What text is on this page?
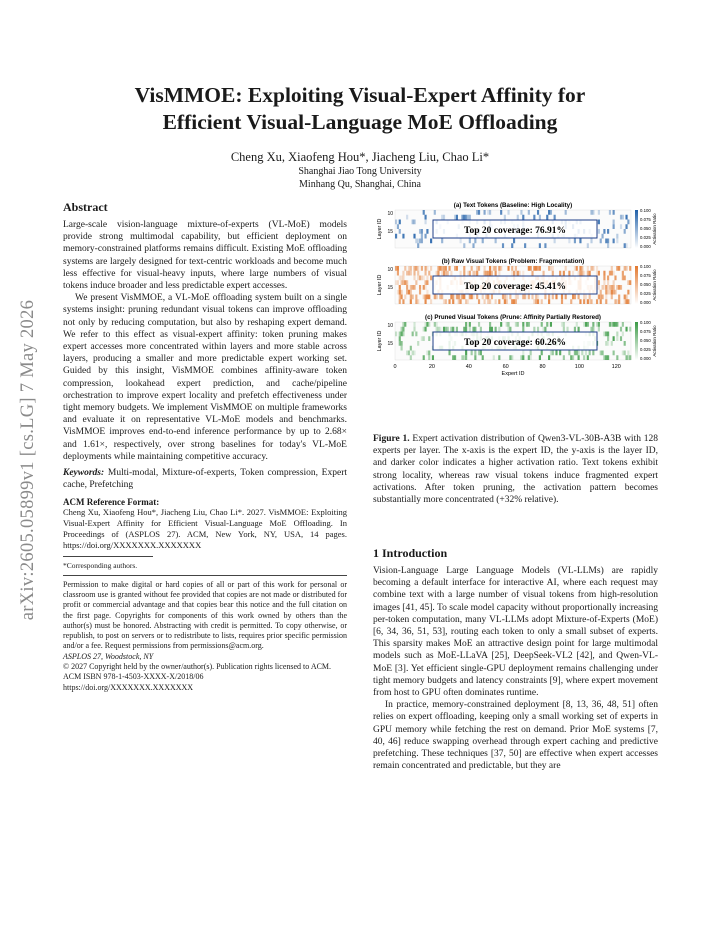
arXiv:2605.05899v1 [cs.LG] 7 May 2026
VisMMOE: Exploiting Visual-Expert Affinity for
Efficient Visual-Language MoE Offloading
Cheng Xu, Xiaofeng Hou*, Jiacheng Liu, Chao Li*
Shanghai Jiao Tong University
Minhang Qu, Shanghai, China
Abstract

Large-scale vision-language mixture-of-experts (VL-MoE) models provide strong multimodal capability, but efficient deployment on memory-constrained platforms remains difficult. Existing MoE offloading systems are largely designed for text-centric workloads and become much less effective for visual-heavy inputs, where large numbers of visual tokens induce broader and less predictable expert accesses.

We present VisMMOE, a VL-MoE offloading system built on a single systems insight: pruning redundant visual tokens can improve offloading not only by reducing computation, but also by reshaping expert demand. We refer to this effect as visual-expert affinity: token pruning makes expert accesses more concentrated within layers and more stable across layers, producing a smaller and more predictable expert working set. Guided by this insight, VisMMOE combines affinity-aware token compression, lookahead expert prediction, and cache/pipeline orchestration to improve expert locality and prefetch effectiveness under tight memory budgets. We implement VisMMOE on multiple frameworks and evaluate it on representative VL-MoE models and benchmarks. VisMMOE improves end-to-end inference performance by up to 2.68× and 1.61×, respectively, over strong baselines for today's VL-MoE deployments while maintaining competitive accuracy.

Keywords: Multi-modal, Mixture-of-experts, Token compression, Expert cache, Prefetching

ACM Reference Format:

Cheng Xu, Xiaofeng Hou*, Jiacheng Liu, Chao Li*. 2027. VisMMOE: Exploiting Visual-Expert Affinity for Efficient Visual-Language MoE Offloading. In Proceedings of (ASPLOS 27). ACM, New York, NY, USA, 14 pages. https://doi.org/XXXXXXX.XXXXXXX

*Corresponding authors.

Permission to make digital or hard copies of all or part of this work for personal or classroom use is granted without fee provided that copies are not made or distributed for profit or commercial advantage and that copies bear this notice and the full citation on the first page. Copyrights for components of this work owned by others than the author(s) must be honored. Abstracting with credit is permitted. To copy otherwise, or republish, to post on servers or to redistribute to lists, requires prior specific permission and/or a fee. Request permissions from permissions@acm.org.

ASPLOS 27, Woodstock, NY

© 2027 Copyright held by the owner/author(s). Publication rights licensed to ACM.

ACM ISBN 978-1-4503-XXXX-X/2018/06

https://doi.org/XXXXXXX.XXXXXXX

(a) Text Tokens (Baseline: High Locality)
Top 20 coverage: 76.91%
Layer ID
10
15
0.100
0.075
0.050
0.025
0.000
Activation Ratio
(b) Raw Visual Tokens (Problem: Fragmentation)
Top 20 coverage: 45.41%
Layer ID
10
15
0.100
0.075
0.050
0.025
0.000
Activation Ratio
(c) Pruned Visual Tokens (Prune: Affinity Partially Restored)
Top 20 coverage: 60.26%
Layer ID
10
15
0.100
0.075
0.050
0.025
0.000
Activation Ratio
0	20	40	60	80	100	120
Expert ID

Figure 1. Expert activation distribution of Qwen3-VL-30B-A3B with 128 experts per layer. The x-axis is the expert ID, the y-axis is the layer ID, and darker color indicates a higher activation ratio. Text tokens exhibit strong locality, whereas raw visual tokens induce fragmented expert activations. After token pruning, the activation pattern becomes substantially more concentrated (+32% relative).

1 Introduction

Vision-Language Large Language Models (VL-LLMs) are rapidly becoming a default interface for interactive AI, where each request may combine text with a large number of visual tokens from high-resolution images [41, 45]. To scale model capacity without proportionally increasing per-token computation, many VL-LLMs adopt Mixture-of-Experts (MoE) [6, 34, 36, 51, 53], routing each token to only a small subset of experts. This sparsity makes MoE an attractive design point for large multimodal models such as MoE-LLaVA [25], DeepSeek-VL2 [42], and Qwen-VL-MoE [3]. Yet efficient single-GPU deployment remains challenging under tight memory budgets and latency constraints [9], where expert movement from host to GPU often dominates runtime.

In practice, memory-constrained deployment [8, 13, 36, 48, 51] often relies on expert offloading, keeping only a small working set of experts in GPU memory while fetching the rest on demand. Prior MoE systems [7, 40, 46] reduce swapping overhead through expert caching and predictive prefetching. These techniques [37, 50] are effective when expert accesses remain concentrated and predictable, but they are
